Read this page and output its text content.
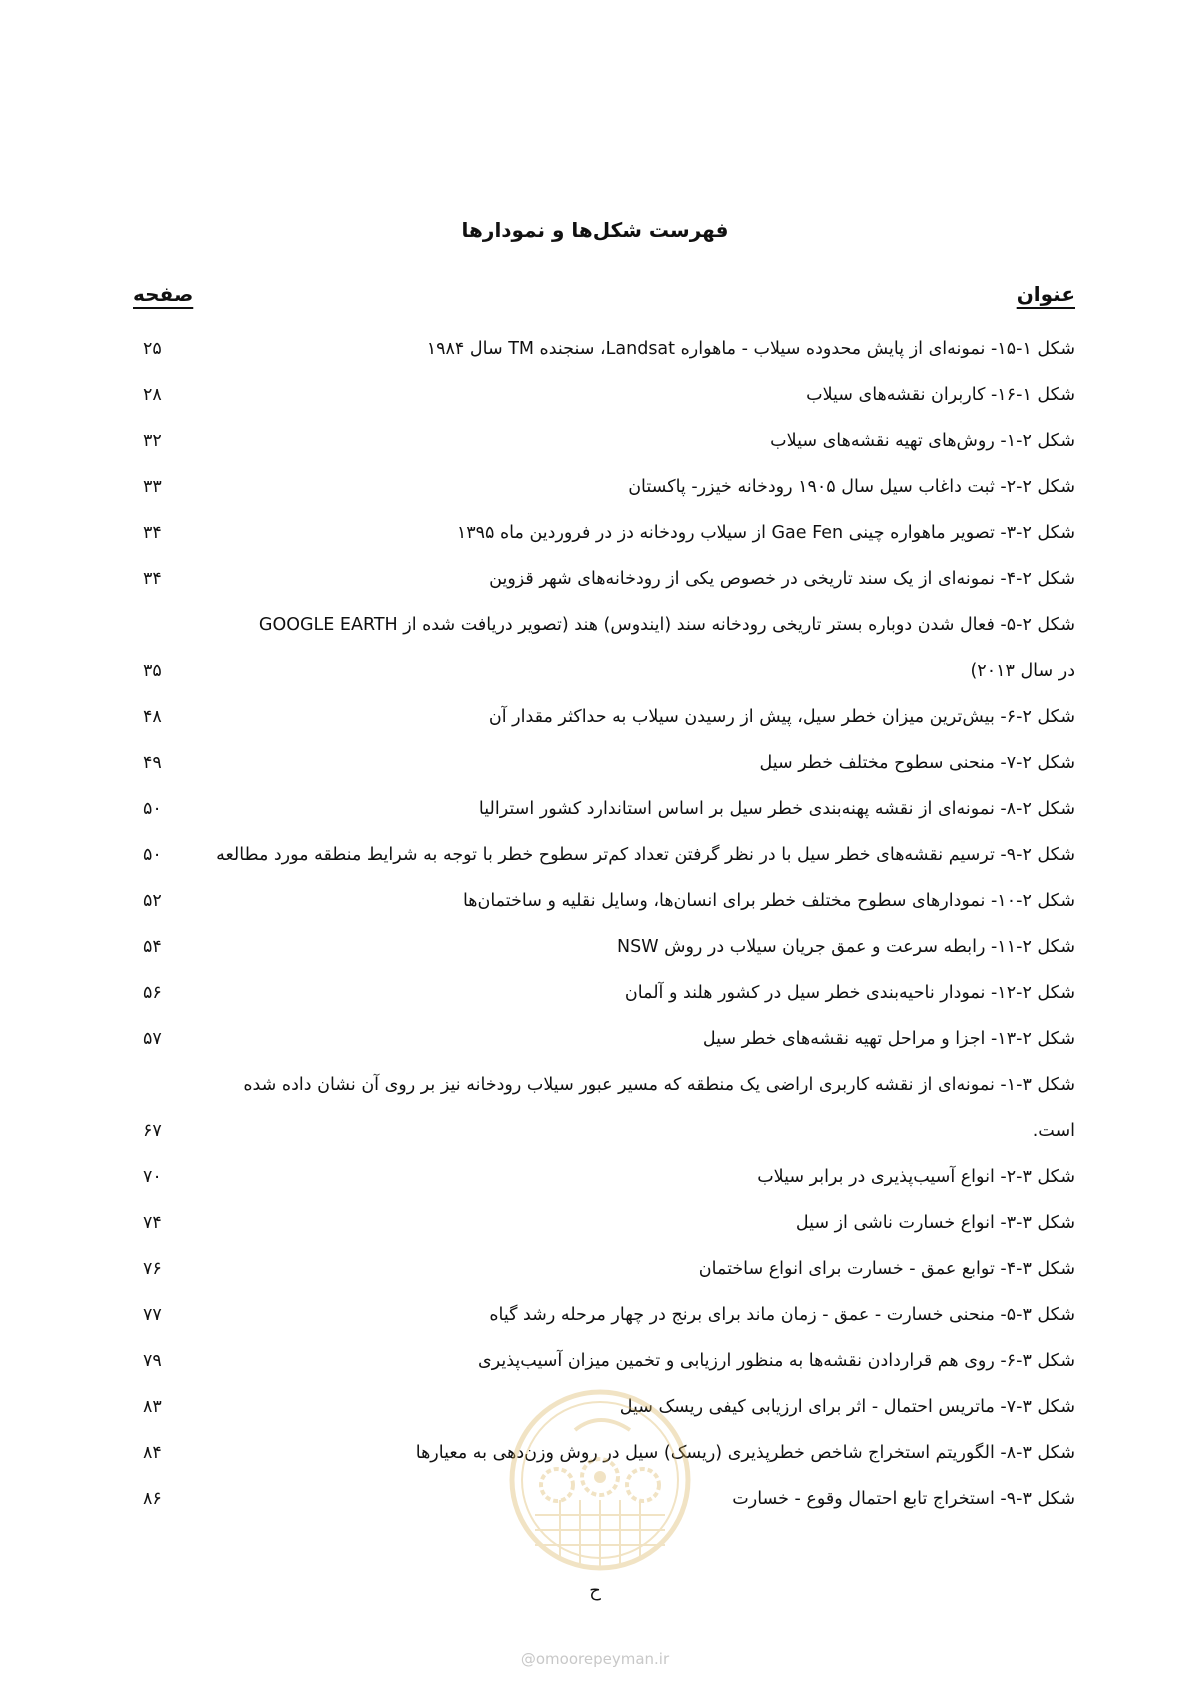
فهرست شکل‌ها و نمودارها
عنوان
صفحه
شکل ۱-۱۵- نمونه‌ای از پایش محدوده سیلاب - ماهواره Landsat، سنجنده TM سال ۱۹۸۴
۲۵
شکل ۱-۱۶- کاربران نقشه‌های سیلاب
۲۸
شکل ۲-۱- روش‌های تهیه نقشه‌های سیلاب
۳۲
شکل ۲-۲- ثبت داغاب سیل سال ۱۹۰۵ رودخانه خیزر- پاکستان
۳۳
شکل ۲-۳- تصویر ماهواره چینی Gae Fen از سیلاب رودخانه دز در فروردین ماه ۱۳۹۵
۳۴
شکل ۲-۴- نمونه‌ای از یک سند تاریخی در خصوص یکی از رودخانه‌های شهر قزوین
۳۴
شکل ۲-۵- فعال شدن دوباره بستر تاریخی رودخانه سند (ایندوس) هند (تصویر دریافت شده از GOOGLE EARTH
در سال ۲۰۱۳)
۳۵
شکل ۲-۶- بیش‌ترین میزان خطر سیل، پیش از رسیدن سیلاب به حداکثر مقدار آن
۴۸
شکل ۲-۷- منحنی سطوح مختلف خطر سیل
۴۹
شکل ۲-۸- نمونه‌ای از نقشه پهنه‌بندی خطر سیل بر اساس استاندارد کشور استرالیا
۵۰
شکل ۲-۹- ترسیم نقشه‌های خطر سیل با در نظر گرفتن تعداد کم‌تر سطوح خطر با توجه به شرایط منطقه مورد مطالعه
۵۰
شکل ۲-۱۰- نمودارهای سطوح مختلف خطر برای انسان‌ها، وسایل نقلیه و ساختمان‌ها
۵۲
شکل ۲-۱۱- رابطه سرعت و عمق جریان سیلاب در روش NSW
۵۴
شکل ۲-۱۲- نمودار ناحیه‌بندی خطر سیل در کشور هلند و آلمان
۵۶
شکل ۲-۱۳- اجزا و مراحل تهیه نقشه‌های خطر سیل
۵۷
شکل ۳-۱- نمونه‌ای از نقشه کاربری اراضی یک منطقه که مسیر عبور سیلاب رودخانه نیز بر روی آن نشان داده شده
است.
۶۷
شکل ۳-۲- انواع آسیب‌پذیری در برابر سیلاب
۷۰
شکل ۳-۳- انواع خسارت ناشی از سیل
۷۴
شکل ۳-۴- توابع عمق - خسارت برای انواع ساختمان
۷۶
شکل ۳-۵- منحنی خسارت - عمق - زمان ماند برای برنج در چهار مرحله رشد گیاه
۷۷
شکل ۳-۶- روی هم قراردادن نقشه‌ها به منظور ارزیابی و تخمین میزان آسیب‌پذیری
۷۹
شکل ۳-۷- ماتریس احتمال - اثر برای ارزیابی کیفی ریسک سیل
۸۳
شکل ۳-۸- الگوریتم استخراج شاخص خطرپذیری (ریسک) سیل در روش وزن‌دهی به معیارها
۸۴
شکل ۳-۹- استخراج تابع احتمال وقوع - خسارت
۸۶
ح
@omoorepeyman.ir
